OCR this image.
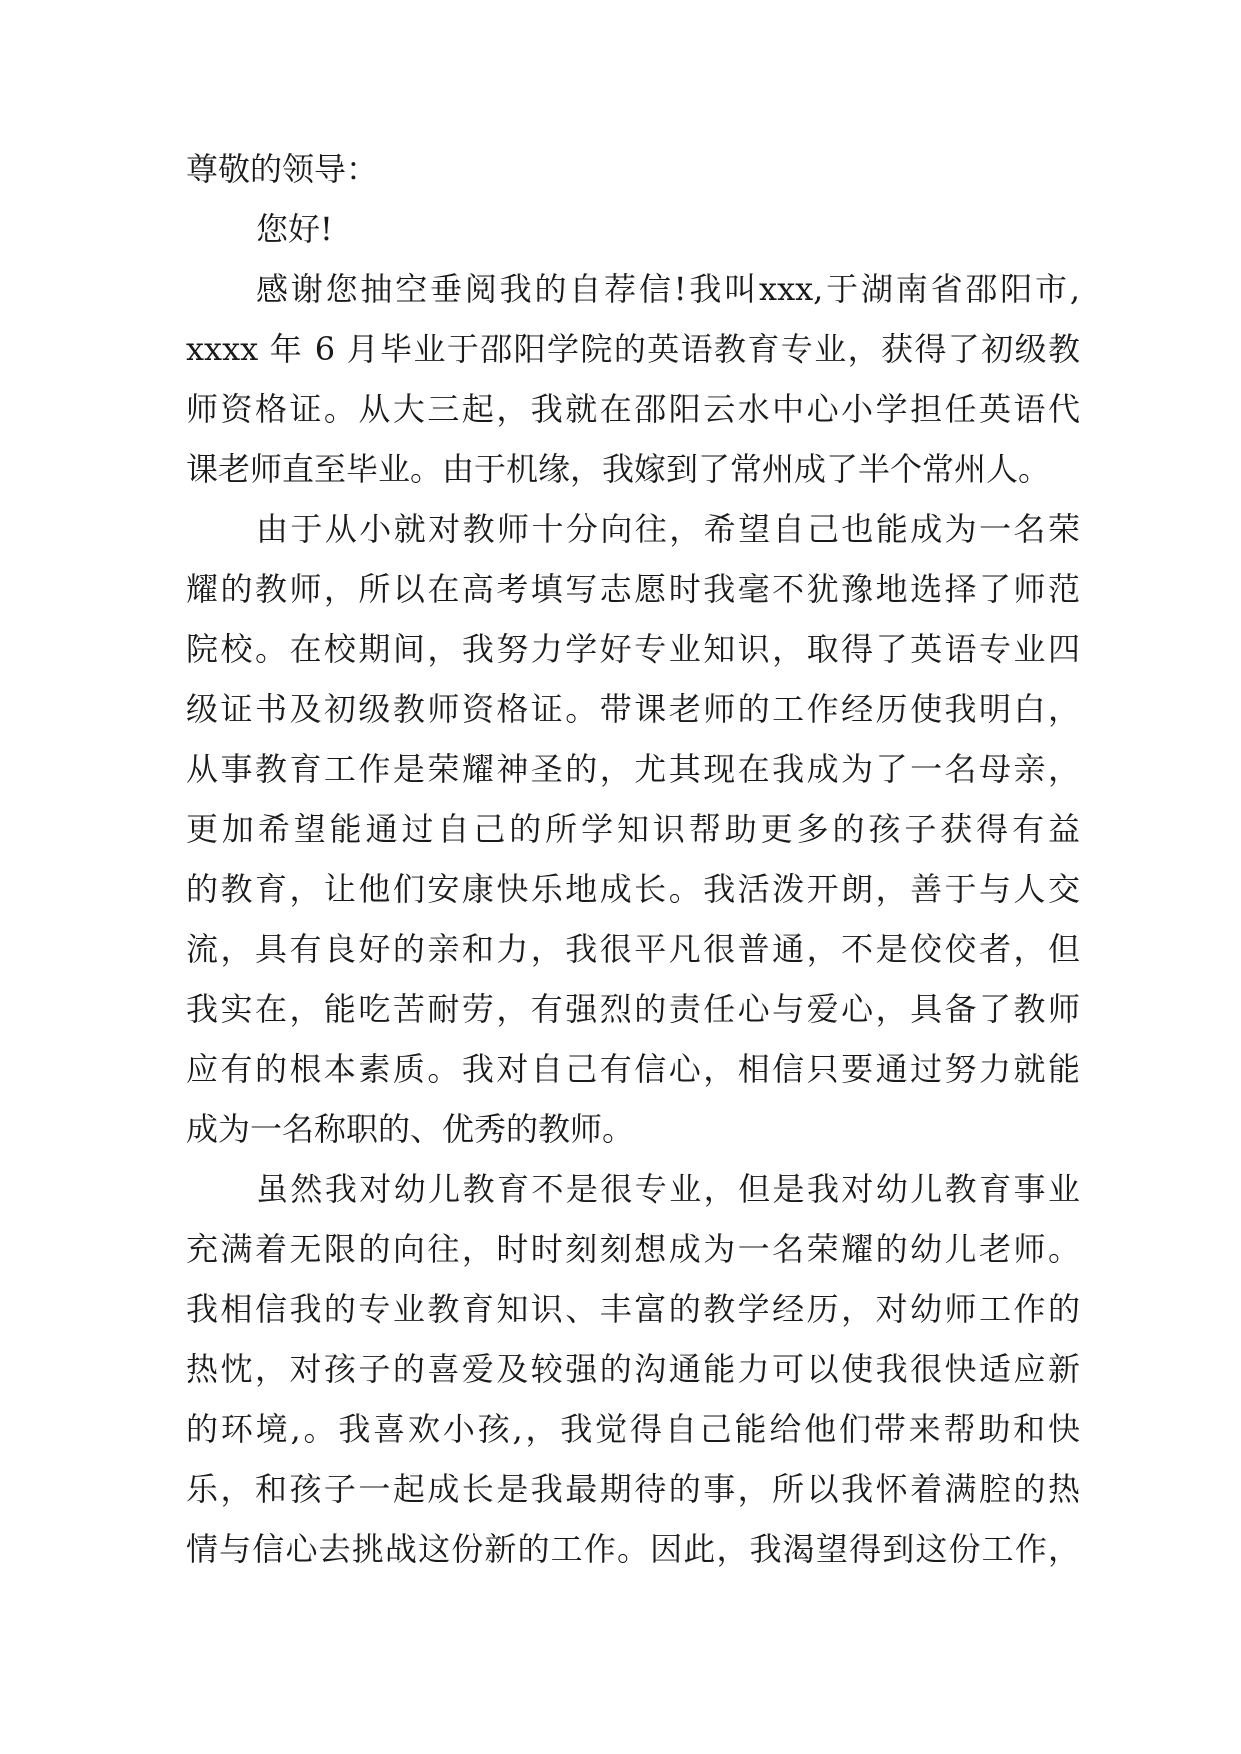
尊敬的领导：
您好!
感谢您抽空垂阅我的自荐信!我叫xxx,于湖南省邵阳市,
xxxx 年 6 月毕业于邵阳学院的英语教育专业，获得了初级教
师资格证。从大三起，我就在邵阳云水中心小学担任英语代
课老师直至毕业。由于机缘，我嫁到了常州成了半个常州人。
由于从小就对教师十分向往，希望自己也能成为一名荣
耀的教师，所以在高考填写志愿时我毫不犹豫地选择了师范
院校。在校期间，我努力学好专业知识，取得了英语专业四
级证书及初级教师资格证。带课老师的工作经历使我明白，
从事教育工作是荣耀神圣的，尤其现在我成为了一名母亲，
更加希望能通过自己的所学知识帮助更多的孩子获得有益
的教育，让他们安康快乐地成长。我活泼开朗，善于与人交
流，具有良好的亲和力，我很平凡很普通，不是佼佼者，但
我实在，能吃苦耐劳，有强烈的责任心与爱心，具备了教师
应有的根本素质。我对自己有信心，相信只要通过努力就能
成为一名称职的、优秀的教师。
虽然我对幼儿教育不是很专业，但是我对幼儿教育事业
充满着无限的向往，时时刻刻想成为一名荣耀的幼儿老师。
我相信我的专业教育知识、丰富的教学经历，对幼师工作的
热忱，对孩子的喜爱及较强的沟通能力可以使我很快适应新
的环境,。我喜欢小孩,，我觉得自己能给他们带来帮助和快
乐，和孩子一起成长是我最期待的事，所以我怀着满腔的热
情与信心去挑战这份新的工作。因此，我渴望得到这份工作，
